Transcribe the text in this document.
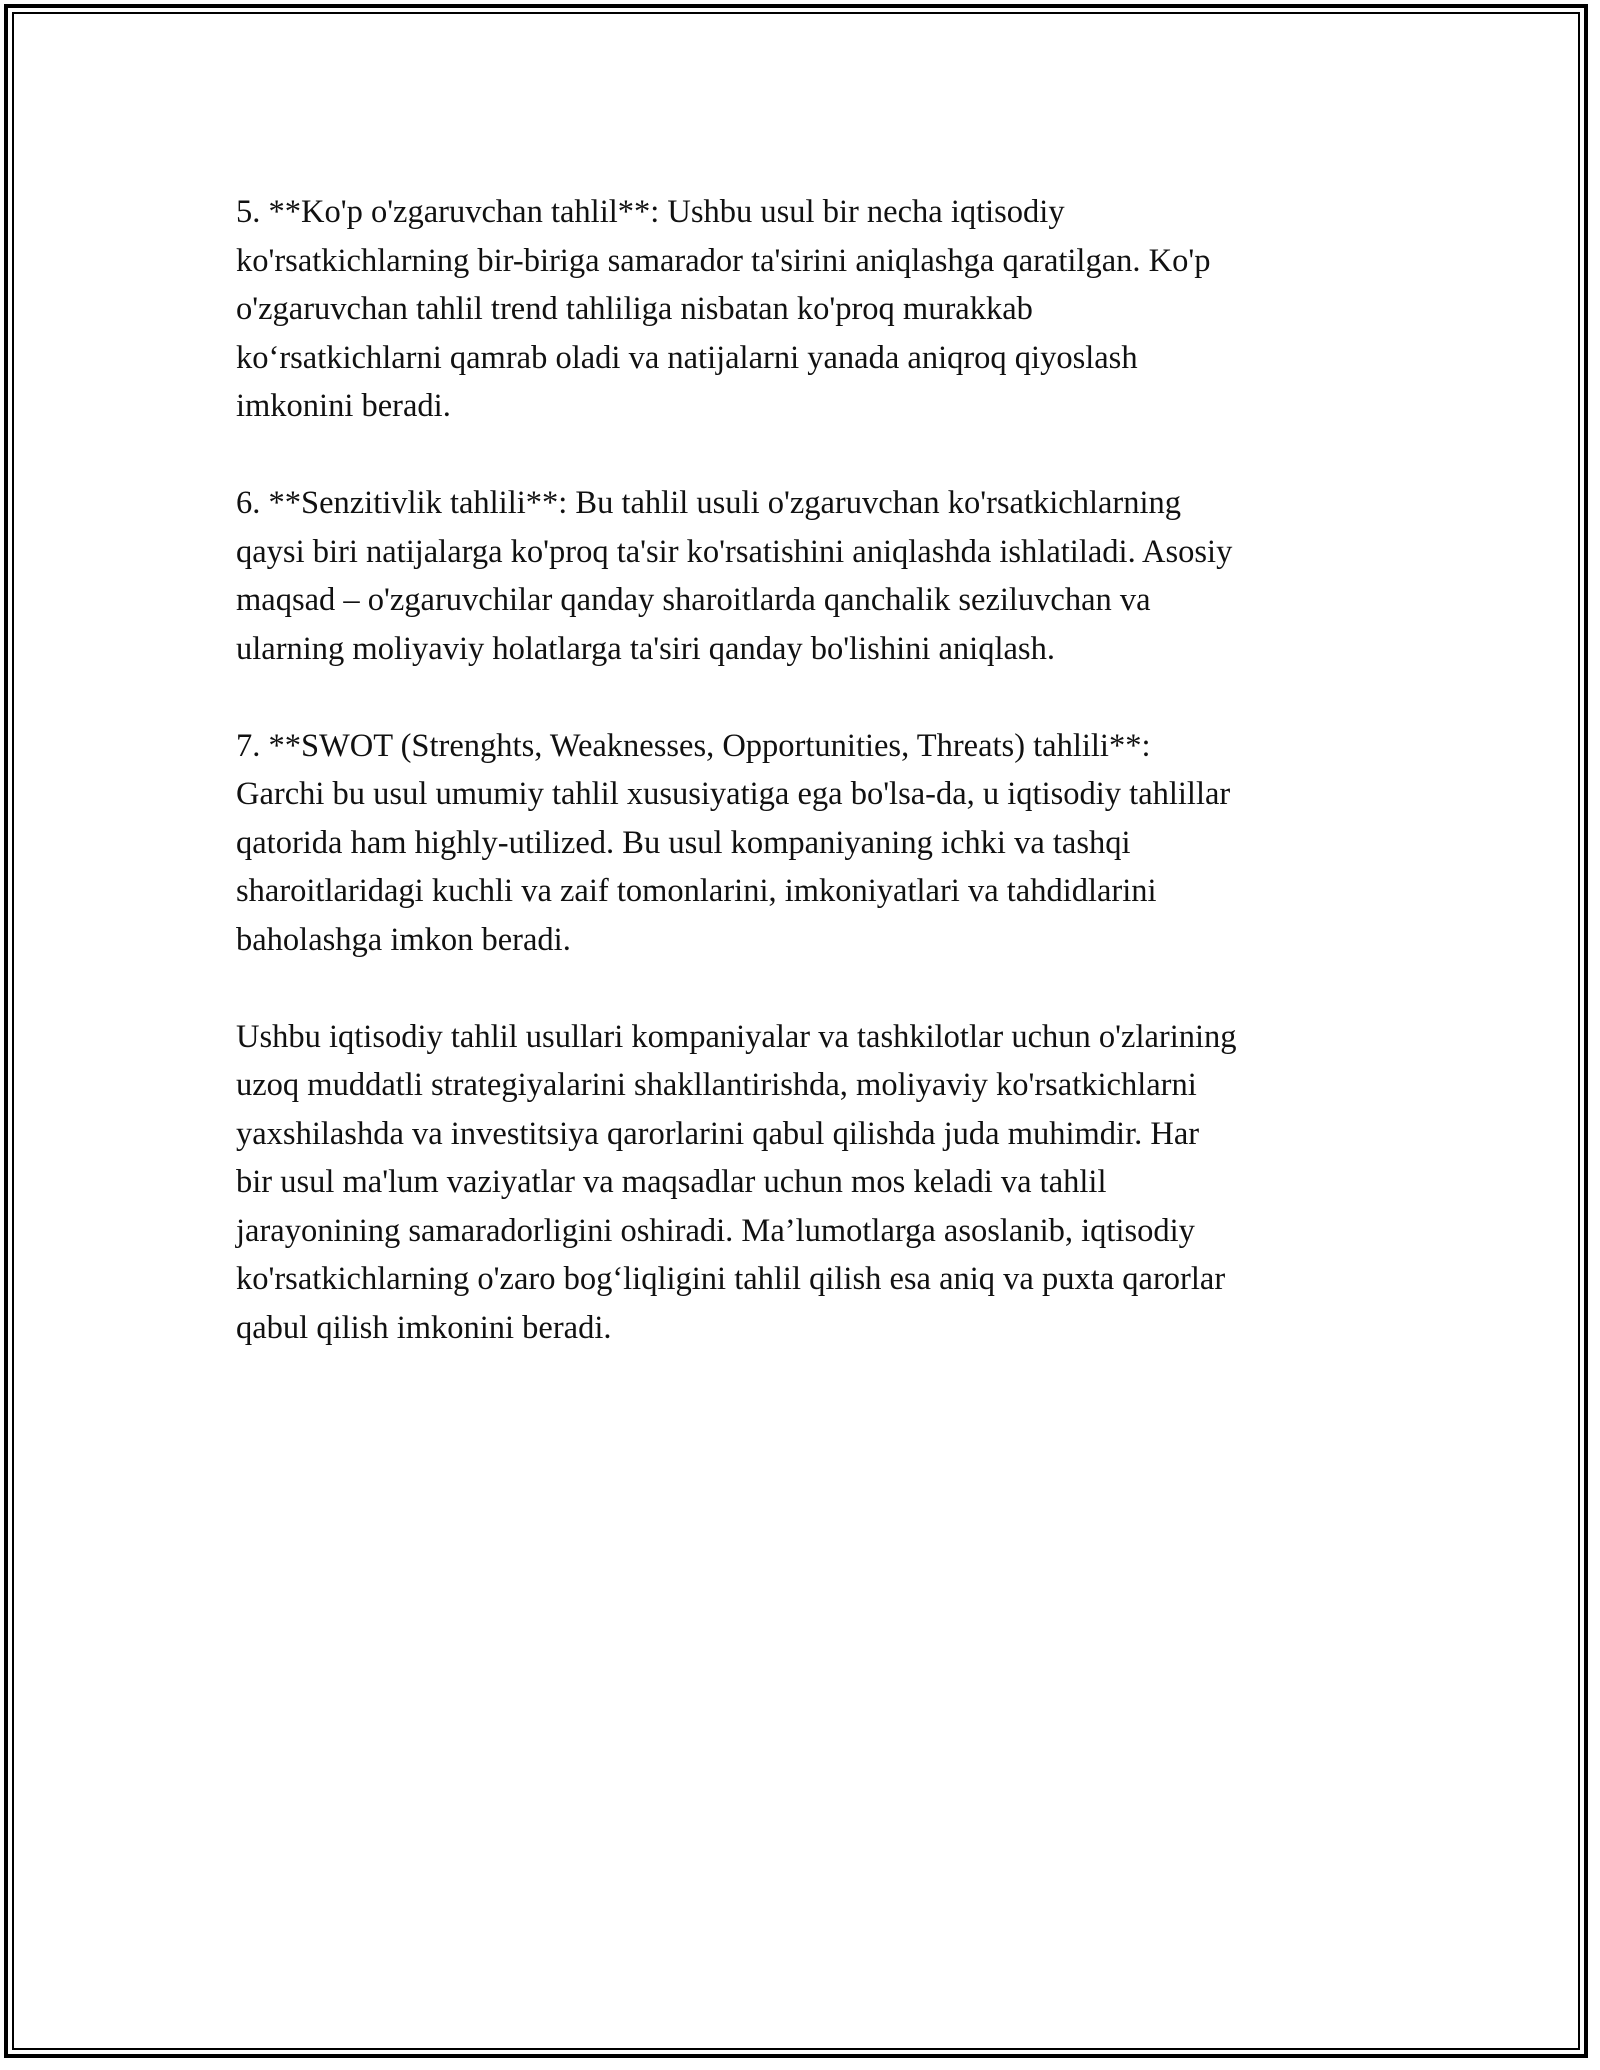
5. **Ko'p o'zgaruvchan tahlil**: Ushbu usul bir necha iqtisodiy
ko'rsatkichlarning bir-biriga samarador ta'sirini aniqlashga qaratilgan. Ko'p
o'zgaruvchan tahlil trend tahliliga nisbatan ko'proq murakkab
ko‘rsatkichlarni qamrab oladi va natijalarni yanada aniqroq qiyoslash
imkonini beradi.

6. **Senzitivlik tahlili**: Bu tahlil usuli o'zgaruvchan ko'rsatkichlarning
qaysi biri natijalarga ko'proq ta'sir ko'rsatishini aniqlashda ishlatiladi. Asosiy
maqsad – o'zgaruvchilar qanday sharoitlarda qanchalik seziluvchan va
ularning moliyaviy holatlarga ta'siri qanday bo'lishini aniqlash.

7. **SWOT (Strenghts, Weaknesses, Opportunities, Threats) tahlili**:
Garchi bu usul umumiy tahlil xususiyatiga ega bo'lsa-da, u iqtisodiy tahlillar
qatorida ham highly-utilized. Bu usul kompaniyaning ichki va tashqi
sharoitlaridagi kuchli va zaif tomonlarini, imkoniyatlari va tahdidlarini
baholashga imkon beradi.

Ushbu iqtisodiy tahlil usullari kompaniyalar va tashkilotlar uchun o'zlarining
uzoq muddatli strategiyalarini shakllantirishda, moliyaviy ko'rsatkichlarni
yaxshilashda va investitsiya qarorlarini qabul qilishda juda muhimdir. Har
bir usul ma'lum vaziyatlar va maqsadlar uchun mos keladi va tahlil
jarayonining samaradorligini oshiradi. Ma’lumotlarga asoslanib, iqtisodiy
ko'rsatkichlarning o'zaro bog‘liqligini tahlil qilish esa aniq va puxta qarorlar
qabul qilish imkonini beradi.
